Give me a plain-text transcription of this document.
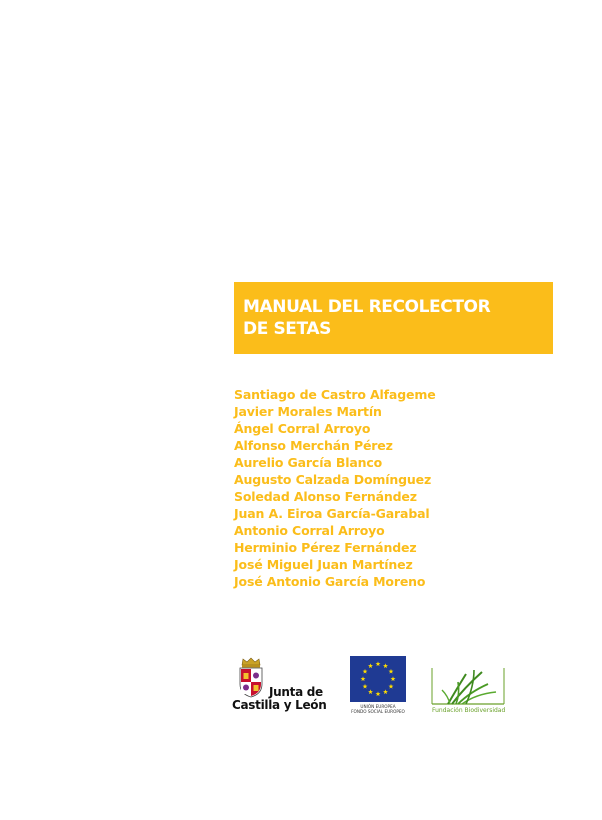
MANUAL DEL RECOLECTOR
DE SETAS
Santiago de Castro Alfageme
Javier Morales Martín
Ángel Corral Arroyo
Alfonso Merchán Pérez
Aurelio García Blanco
Augusto Calzada Domínguez
Soledad Alonso Fernández
Juan A. Eiroa García-Garabal
Antonio Corral Arroyo
Herminio Pérez Fernández
José Miguel Juan Martínez
José Antonio García Moreno
Junta de
Castilla y León	UNIÓN EUROPEA
FONDO SOCIAL EUROPEO	Fundación Biodiversidad
